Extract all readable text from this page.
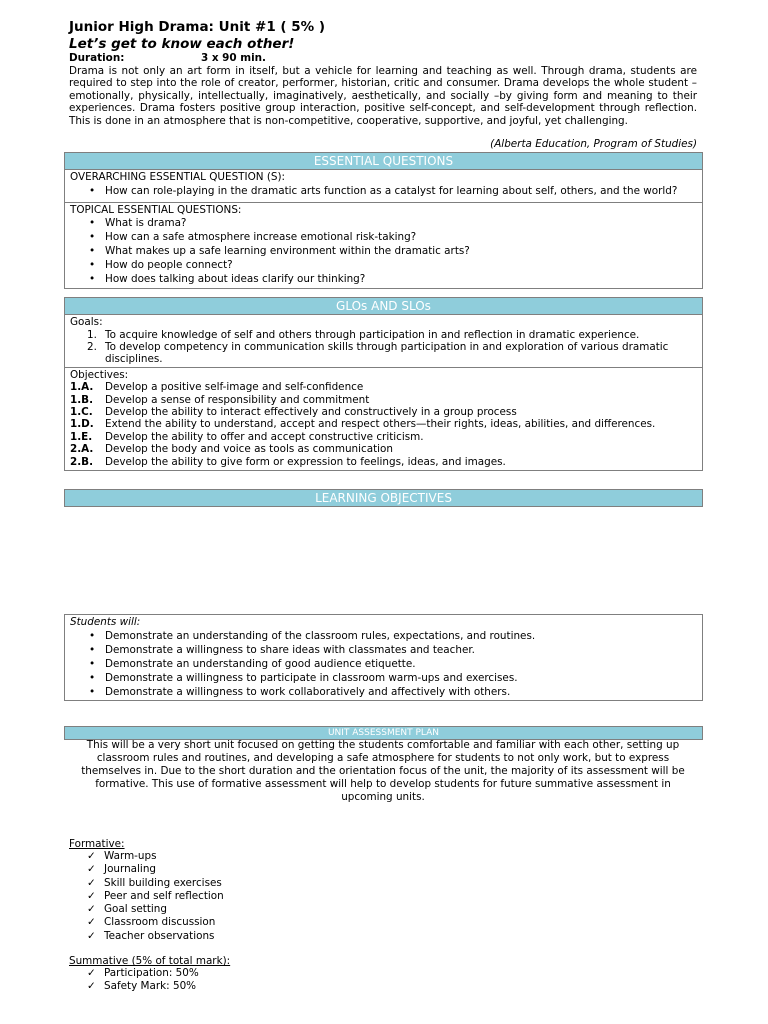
Junior High Drama: Unit #1 ( 5% )
Let’s get to know each other!
Duration:	3 x 90 min.
Drama is not only an art form in itself, but a vehicle for learning and teaching as well. Through drama, students are required to step into the role of creator, performer, historian, critic and consumer. Drama develops the whole student –emotionally, physically, intellectually, imaginatively, aesthetically, and socially –by giving form and meaning to their experiences. Drama fosters positive group interaction, positive self-concept, and self-development through reflection. This is done in an atmosphere that is non-competitive, cooperative, supportive, and joyful, yet challenging.
(Alberta Education, Program of Studies)
ESSENTIAL QUESTIONS
OVERARCHING ESSENTIAL QUESTION (S):
• How can role-playing in the dramatic arts function as a catalyst for learning about self, others, and the world?
TOPICAL ESSENTIAL QUESTIONS:
• What is drama?
• How can a safe atmosphere increase emotional risk-taking?
• What makes up a safe learning environment within the dramatic arts?
• How do people connect?
• How does talking about ideas clarify our thinking?
GLOs AND SLOs
Goals:
1. To acquire knowledge of self and others through participation in and reflection in dramatic experience.
2. To develop competency in communication skills through participation in and exploration of various dramatic disciplines.
Objectives:
1.A. Develop a positive self-image and self-confidence
1.B. Develop a sense of responsibility and commitment
1.C. Develop the ability to interact effectively and constructively in a group process
1.D. Extend the ability to understand, accept and respect others—their rights, ideas, abilities, and differences.
1.E. Develop the ability to offer and accept constructive criticism.
2.A. Develop the body and voice as tools as communication
2.B. Develop the ability to give form or expression to feelings, ideas, and images.
LEARNING OBJECTIVES
Students will:
• Demonstrate an understanding of the classroom rules, expectations, and routines.
• Demonstrate a willingness to share ideas with classmates and teacher.
• Demonstrate an understanding of good audience etiquette.
• Demonstrate a willingness to participate in classroom warm-ups and exercises.
• Demonstrate a willingness to work collaboratively and affectively with others.
UNIT ASSESSMENT PLAN
This will be a very short unit focused on getting the students comfortable and familiar with each other, setting up classroom rules and routines, and developing a safe atmosphere for students to not only work, but to express themselves in. Due to the short duration and the orientation focus of the unit, the majority of its assessment will be formative. This use of formative assessment will help to develop students for future summative assessment in upcoming units.
Formative:
✓ Warm-ups
✓ Journaling
✓ Skill building exercises
✓ Peer and self reflection
✓ Goal setting
✓ Classroom discussion
✓ Teacher observations
Summative (5% of total mark):
✓ Participation: 50%
✓ Safety Mark: 50%
